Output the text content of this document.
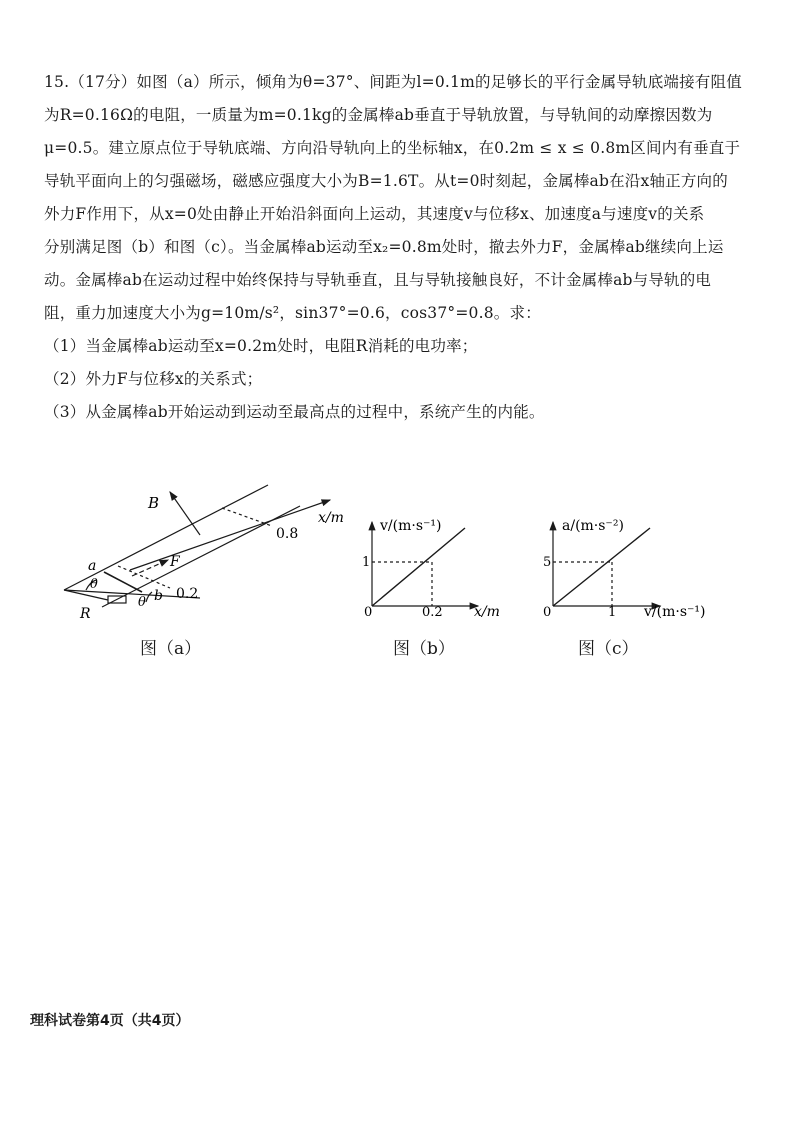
15.（17分）如图（a）所示，倾角为θ=37°、间距为l=0.1m的足够长的平行金属导轨底端接有阻值

为R=0.16Ω的电阻，一质量为m=0.1kg的金属棒ab垂直于导轨放置，与导轨间的动摩擦因数为

μ=0.5。建立原点位于导轨底端、方向沿导轨向上的坐标轴x，在0.2m ≤ x ≤ 0.8m区间内有垂直于

导轨平面向上的匀强磁场，磁感应强度大小为B=1.6T。从t=0时刻起，金属棒ab在沿x轴正方向的

外力F作用下，从x=0处由静止开始沿斜面向上运动，其速度v与位移x、加速度a与速度v的关系

分别满足图（b）和图（c）。当金属棒ab运动至x₂=0.8m处时，撤去外力F，金属棒ab继续向上运

动。金属棒ab在运动过程中始终保持与导轨垂直，且与导轨接触良好，不计金属棒ab与导轨的电

阻，重力加速度大小为g=10m/s²，sin37°=0.6，cos37°=0.8。求：

（1）当金属棒ab运动至x=0.2m处时，电阻R消耗的电功率；

（2）外力F与位移x的关系式；

（3）从金属棒ab开始运动到运动至最高点的过程中，系统产生的内能。

B
x/m
0.8
F
a
b 0.2
θ
θ
R
v/(m·s⁻¹)
x/m
0
1
0.2
a/(m·s⁻²)
v/(m·s⁻¹)
0
5
1
图（a）	图（b）	图（c）
理科试卷第4页（共4页）
